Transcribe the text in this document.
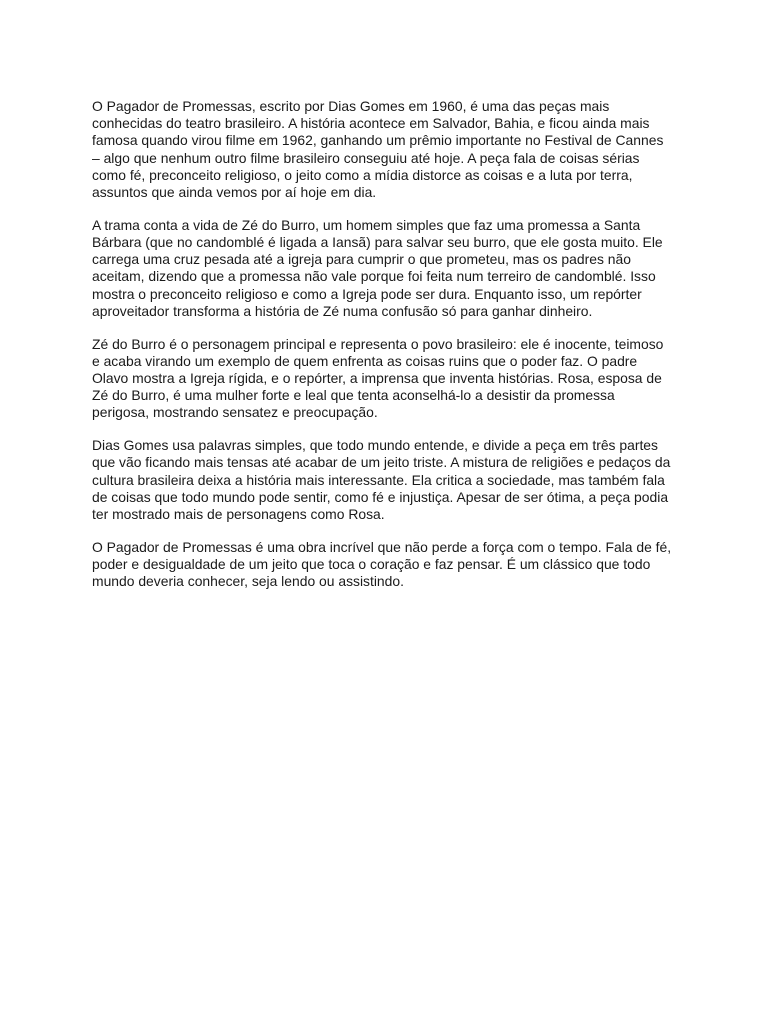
O Pagador de Promessas, escrito por Dias Gomes em 1960, é uma das peças mais conhecidas do teatro brasileiro. A história acontece em Salvador, Bahia, e ficou ainda mais famosa quando virou filme em 1962, ganhando um prêmio importante no Festival de Cannes – algo que nenhum outro filme brasileiro conseguiu até hoje. A peça fala de coisas sérias como fé, preconceito religioso, o jeito como a mídia distorce as coisas e a luta por terra, assuntos que ainda vemos por aí hoje em dia.

A trama conta a vida de Zé do Burro, um homem simples que faz uma promessa a Santa Bárbara (que no candomblé é ligada a Iansã) para salvar seu burro, que ele gosta muito. Ele carrega uma cruz pesada até a igreja para cumprir o que prometeu, mas os padres não aceitam, dizendo que a promessa não vale porque foi feita num terreiro de candomblé. Isso mostra o preconceito religioso e como a Igreja pode ser dura. Enquanto isso, um repórter aproveitador transforma a história de Zé numa confusão só para ganhar dinheiro.

Zé do Burro é o personagem principal e representa o povo brasileiro: ele é inocente, teimoso e acaba virando um exemplo de quem enfrenta as coisas ruins que o poder faz. O padre Olavo mostra a Igreja rígida, e o repórter, a imprensa que inventa histórias. Rosa, esposa de Zé do Burro, é uma mulher forte e leal que tenta aconselhá-lo a desistir da promessa perigosa, mostrando sensatez e preocupação.

Dias Gomes usa palavras simples, que todo mundo entende, e divide a peça em três partes que vão ficando mais tensas até acabar de um jeito triste. A mistura de religiões e pedaços da cultura brasileira deixa a história mais interessante. Ela critica a sociedade, mas também fala de coisas que todo mundo pode sentir, como fé e injustiça. Apesar de ser ótima, a peça podia ter mostrado mais de personagens como Rosa.

O Pagador de Promessas é uma obra incrível que não perde a força com o tempo. Fala de fé, poder e desigualdade de um jeito que toca o coração e faz pensar. É um clássico que todo mundo deveria conhecer, seja lendo ou assistindo.
